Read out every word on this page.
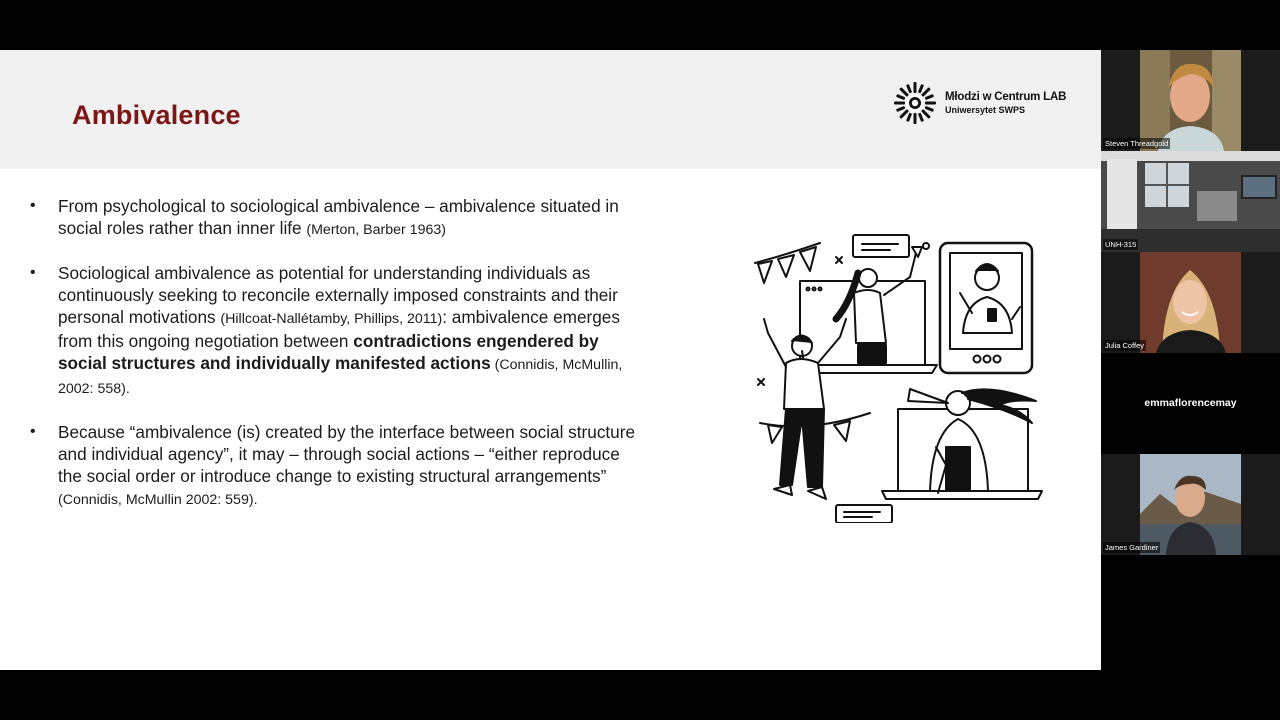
Ambivalence
Młodzi w Centrum LAB
Uniwersytet SWPS
• From psychological to sociological ambivalence – ambivalence situated in social roles rather than inner life (Merton, Barber 1963)
• Sociological ambivalence as potential for understanding individuals as continuously seeking to reconcile externally imposed constraints and their personal motivations (Hillcoat-Nallétamby, Phillips, 2011): ambivalence emerges from this ongoing negotiation between contradictions engendered by social structures and individually manifested actions (Connidis, McMullin, 2002: 558).
• Because “ambivalence (is) created by the interface between social structure and individual agency”, it may – through social actions – “either reproduce the social order or introduce change to existing structural arrangements” (Connidis, McMullin 2002: 559).
Steven Threadgold
UNH-315
Julia Coffey
emmaflorencemay
James Gardiner
